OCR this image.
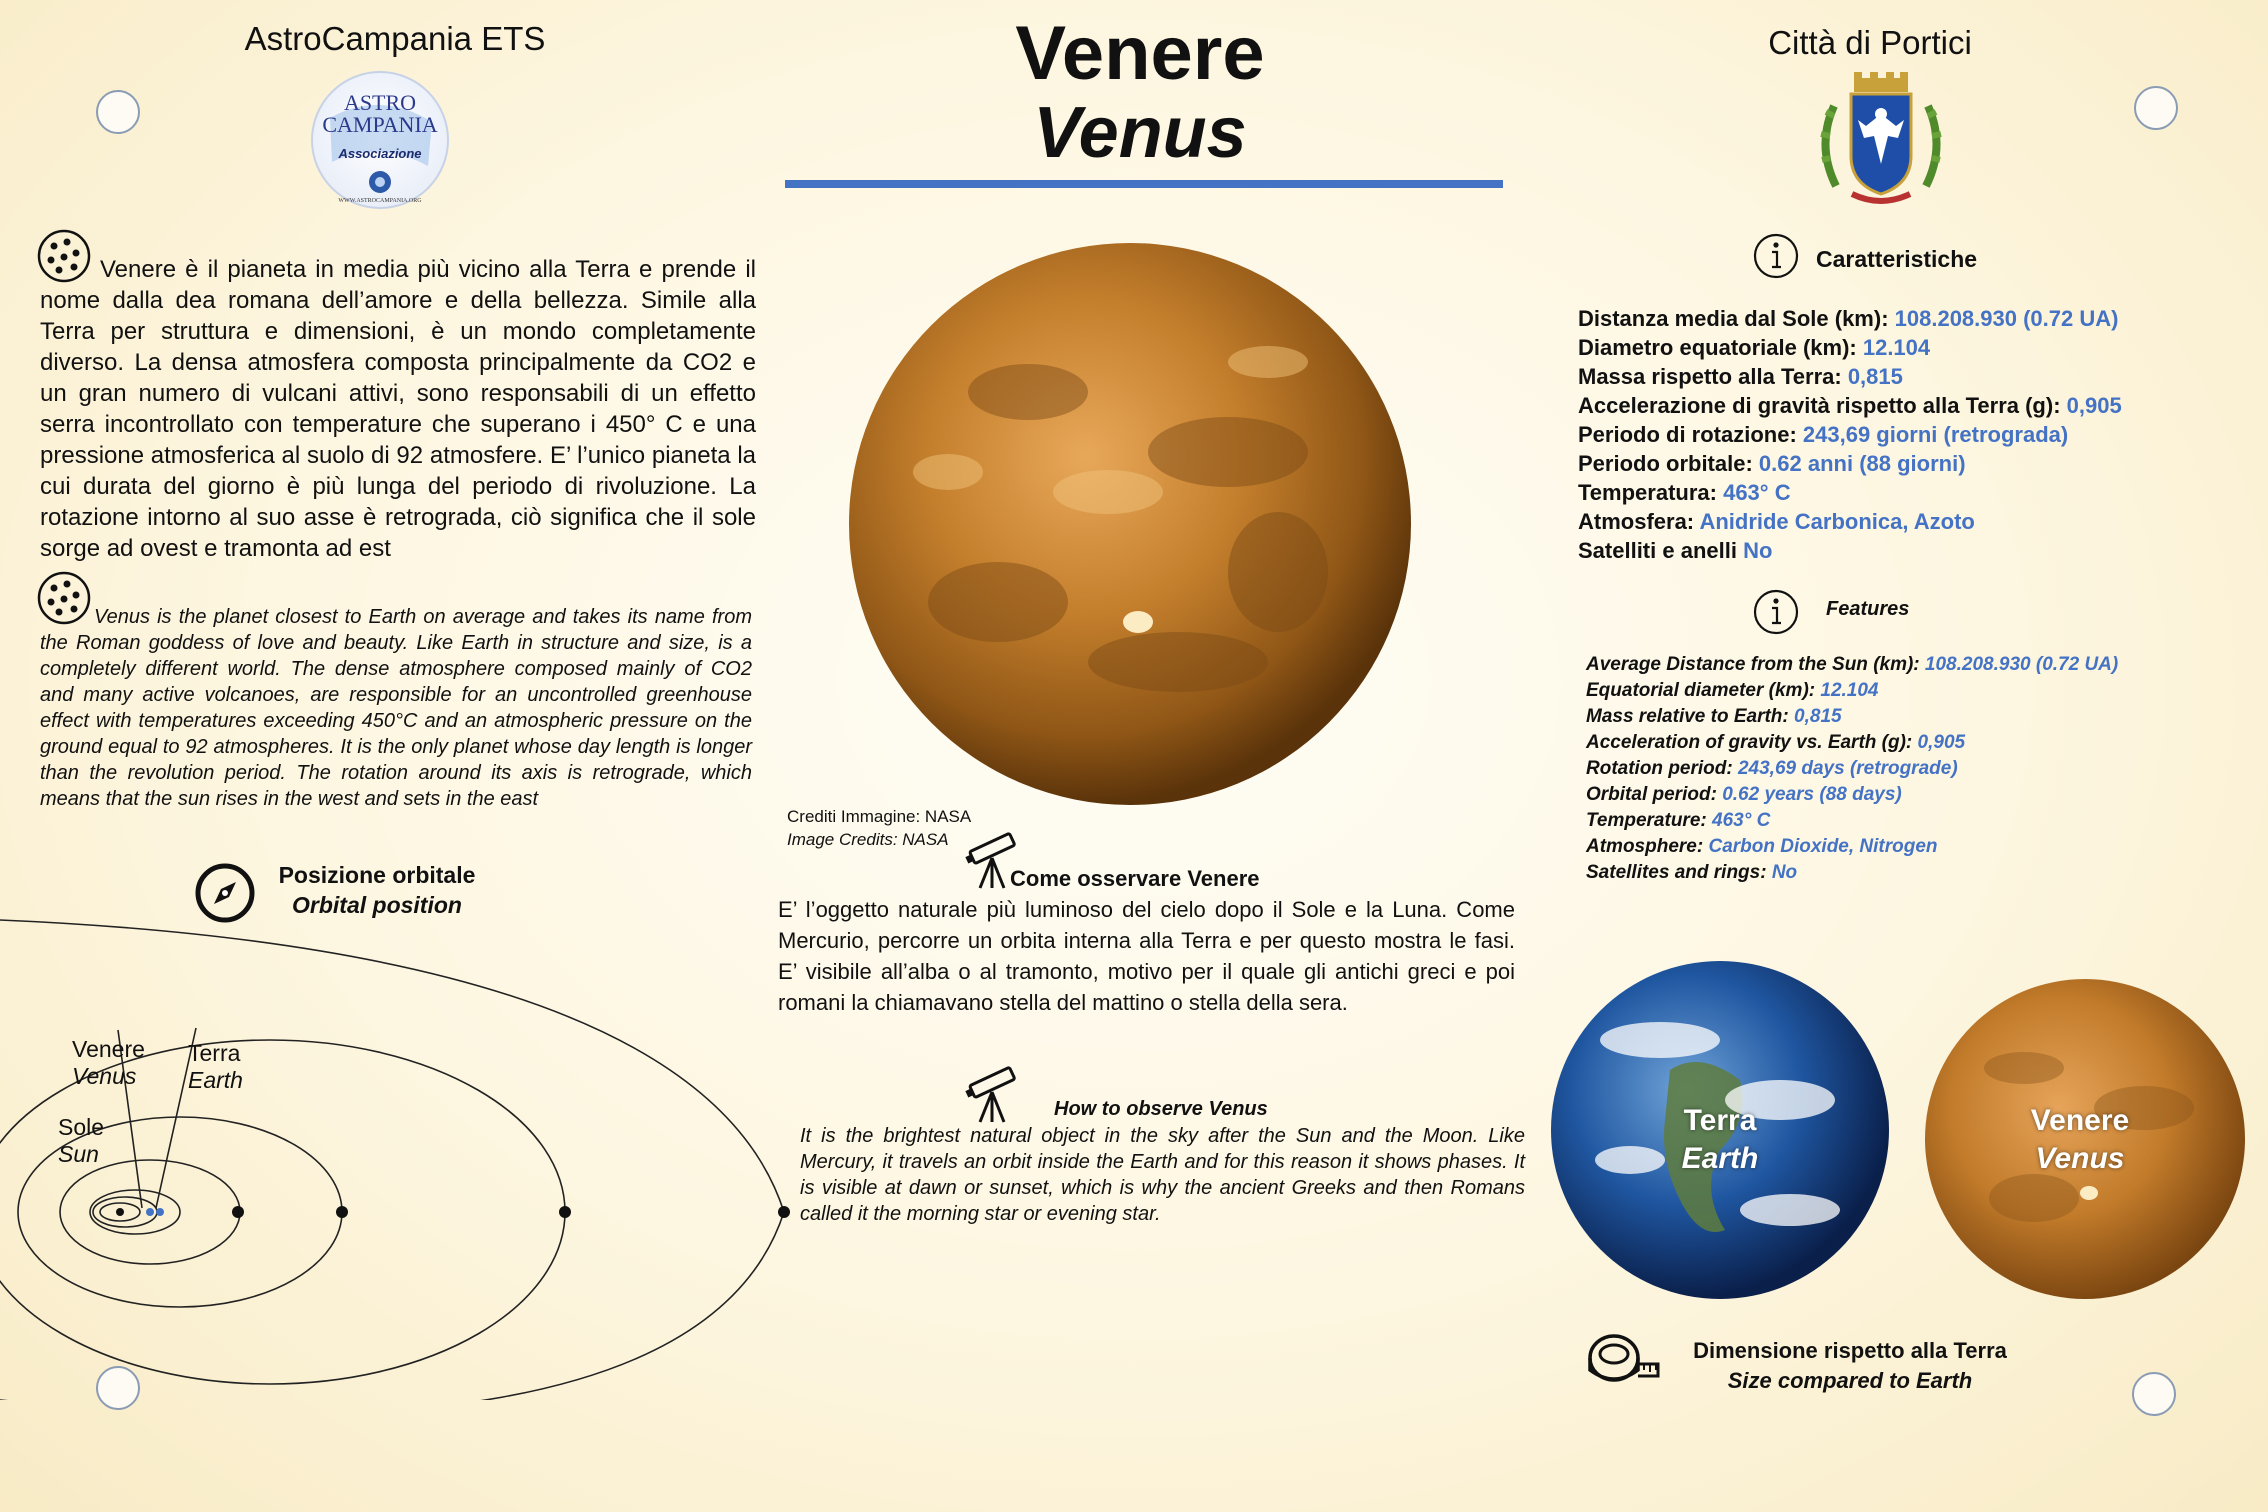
AstroCampania ETS
ASTRO
CAMPANIA
Associazione
WWW.ASTROCAMPANIA.ORG
Venere
Venus
Città di Portici
Venere è il pianeta in media più vicino alla Terra e prende il nome dalla dea romana dell’amore e della bellezza. Simile alla Terra per struttura e dimensioni, è un mondo completamente diverso. La densa atmosfera composta principalmente da CO2 e un gran numero di vulcani attivi, sono responsabili di un effetto serra incontrollato con temperature che superano i 450° C e una pressione atmosferica al suolo di 92 atmosfere. E’ l’unico pianeta la cui durata del giorno è più lunga del periodo di rivoluzione. La rotazione intorno al suo asse è retrograda, ciò significa che il sole sorge ad ovest e tramonta ad est
Venus is the planet closest to Earth on average and takes its name from the Roman goddess of love and beauty. Like Earth in structure and size, is a completely different world. The dense atmosphere composed mainly of CO2 and many active volcanoes, are responsible for an uncontrolled greenhouse effect with temperatures exceeding 450°C and an atmospheric pressure on the ground equal to 92 atmospheres. It is the only planet whose day length is longer than the revolution period. The rotation around its axis is retrograde, which means that the sun rises in the west and sets in the east
Posizione orbitale
Orbital position
Venere
Venus
Terra
Earth
Sole
Sun
Crediti Immagine: NASA
Image Credits: NASA
Come osservare Venere
E’ l’oggetto naturale più luminoso del cielo dopo il Sole e la Luna. Come Mercurio, percorre un orbita interna alla Terra e per questo mostra le fasi. E’ visibile all’alba o al tramonto, motivo per il quale gli antichi greci e poi romani la chiamavano stella del mattino o stella della sera.
How to observe Venus
It is the brightest natural object in the sky after the Sun and the Moon. Like Mercury, it travels an orbit inside the Earth and for this reason it shows phases. It is visible at dawn or sunset, which is why the ancient Greeks and then Romans called it the morning star or evening star.
Caratteristiche
Distanza media dal Sole (km): 108.208.930 (0.72 UA)
Diametro equatoriale (km): 12.104
Massa rispetto alla Terra: 0,815
Accelerazione di gravità rispetto alla Terra (g): 0,905
Periodo di rotazione: 243,69 giorni (retrograda)
Periodo orbitale: 0.62 anni (88 giorni)
Temperatura: 463° C
Atmosfera: Anidride Carbonica, Azoto
Satelliti e anelli No
Features
Average Distance from the Sun (km): 108.208.930 (0.72 UA)
Equatorial diameter (km): 12.104
Mass relative to Earth: 0,815
Acceleration of gravity vs. Earth (g): 0,905
Rotation period: 243,69 days (retrograde)
Orbital period: 0.62 years (88 days)
Temperature: 463° C
Atmosphere: Carbon Dioxide, Nitrogen
Satellites and rings: No
Terra
Earth
Venere
Venus
Dimensione rispetto alla Terra
Size compared to Earth
